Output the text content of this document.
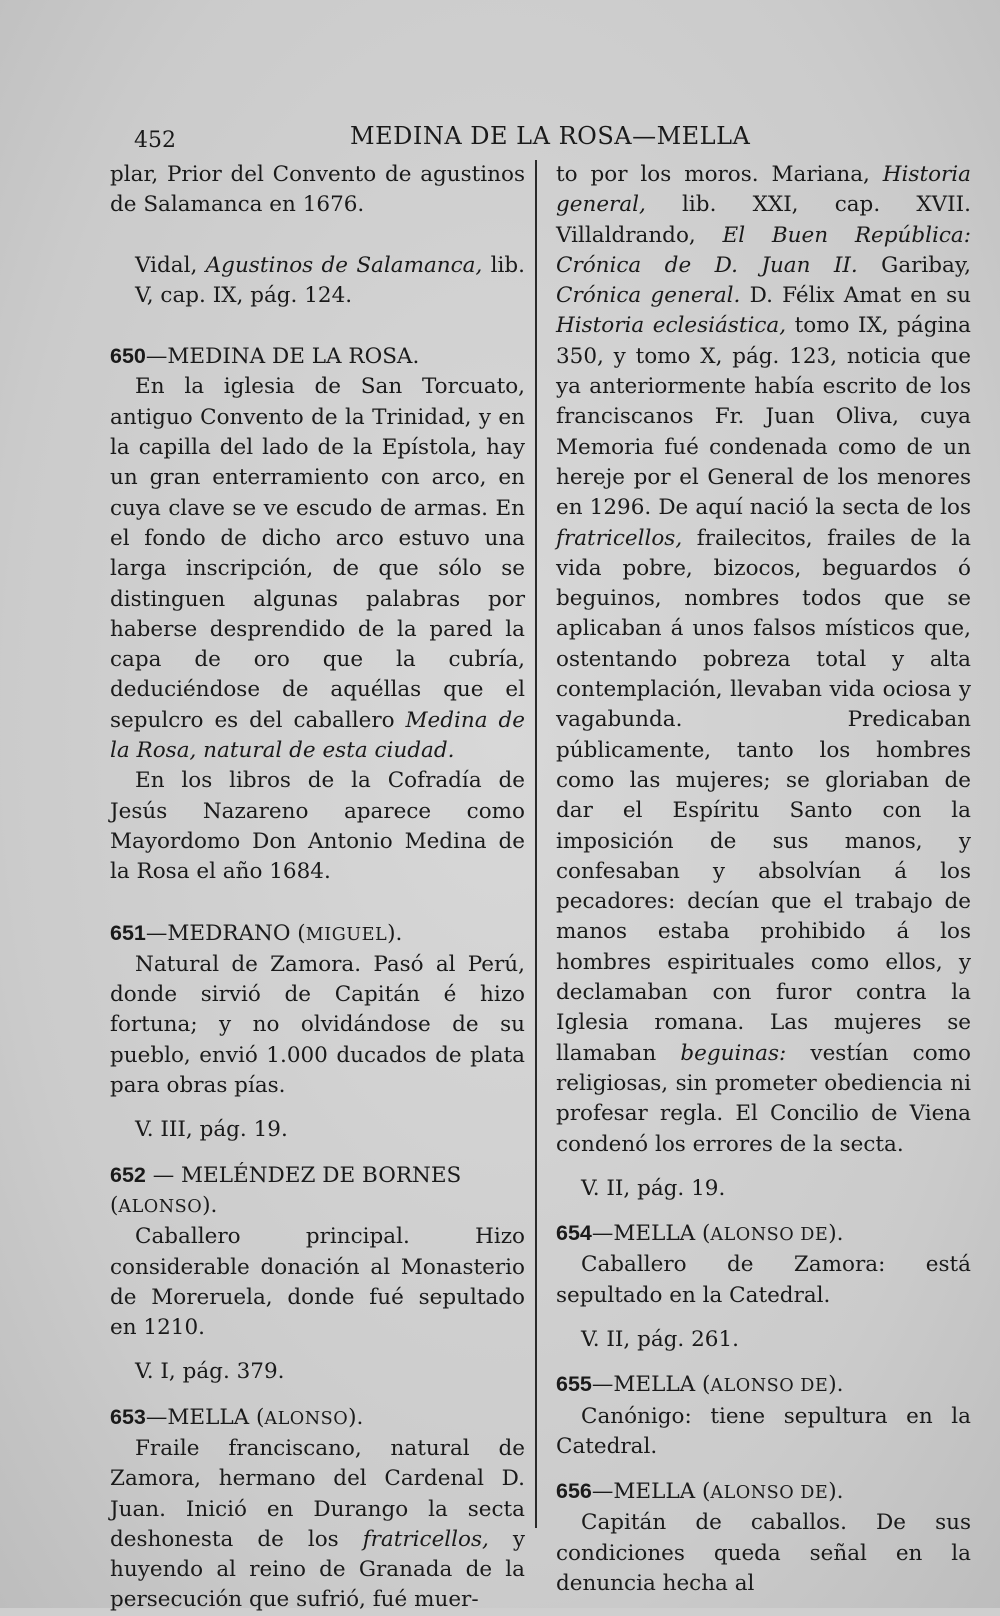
452	MEDINA DE LA ROSA—MELLA

plar, Prior del Convento de agustinos de Salamanca en 1676.

Vidal, Agustinos de Salamanca, lib. V, cap. IX, pág. 124.

650—MEDINA DE LA ROSA.

En la iglesia de San Torcuato, antiguo Convento de la Trinidad, y en la capilla del lado de la Epístola, hay un gran enterramiento con arco, en cuya clave se ve escudo de armas. En el fondo de dicho arco estuvo una larga inscripción, de que sólo se distinguen algunas palabras por haberse desprendido de la pared la capa de oro que la cubría, deduciéndose de aquéllas que el sepulcro es del caballero Medina de la Rosa, natural de esta ciudad.

En los libros de la Cofradía de Jesús Nazareno aparece como Mayordomo Don Antonio Medina de la Rosa el año 1684.

651—MEDRANO (MIGUEL).

Natural de Zamora. Pasó al Perú, donde sirvió de Capitán é hizo fortuna; y no olvidándose de su pueblo, envió 1.000 ducados de plata para obras pías.

V. III, pág. 19.

652 — MELÉNDEZ DE BORNES (ALONSO).

Caballero principal. Hizo considerable donación al Monasterio de Moreruela, donde fué sepultado en 1210.

V. I, pág. 379.

653—MELLA (ALONSO).

Fraile franciscano, natural de Zamora, hermano del Cardenal D. Juan. Inició en Durango la secta deshonesta de los fratricellos, y huyendo al reino de Granada de la persecución que sufrió, fué muer-

to por los moros. Mariana, Historia general, lib. XXI, cap. XVII. Villaldrando, El Buen República: Crónica de D. Juan II. Garibay, Crónica general. D. Félix Amat en su Historia eclesiástica, tomo IX, página 350, y tomo X, pág. 123, noticia que ya anteriormente había escrito de los franciscanos Fr. Juan Oliva, cuya Memoria fué condenada como de un hereje por el General de los menores en 1296. De aquí nació la secta de los fratricellos, frailecitos, frailes de la vida pobre, bizocos, beguardos ó beguinos, nombres todos que se aplicaban á unos falsos místicos que, ostentando pobreza total y alta contemplación, llevaban vida ociosa y vagabunda. Predicaban públicamente, tanto los hombres como las mujeres; se gloriaban de dar el Espíritu Santo con la imposición de sus manos, y confesaban y absolvían á los pecadores: decían que el trabajo de manos estaba prohibido á los hombres espirituales como ellos, y declamaban con furor contra la Iglesia romana. Las mujeres se llamaban beguinas: vestían como religiosas, sin prometer obediencia ni profesar regla. El Concilio de Viena condenó los errores de la secta.

V. II, pág. 19.

654—MELLA (ALONSO DE).

Caballero de Zamora: está sepultado en la Catedral.

V. II, pág. 261.

655—MELLA (ALONSO DE).

Canónigo: tiene sepultura en la Catedral.

656—MELLA (ALONSO DE).

Capitán de caballos. De sus condiciones queda señal en la denuncia hecha al
